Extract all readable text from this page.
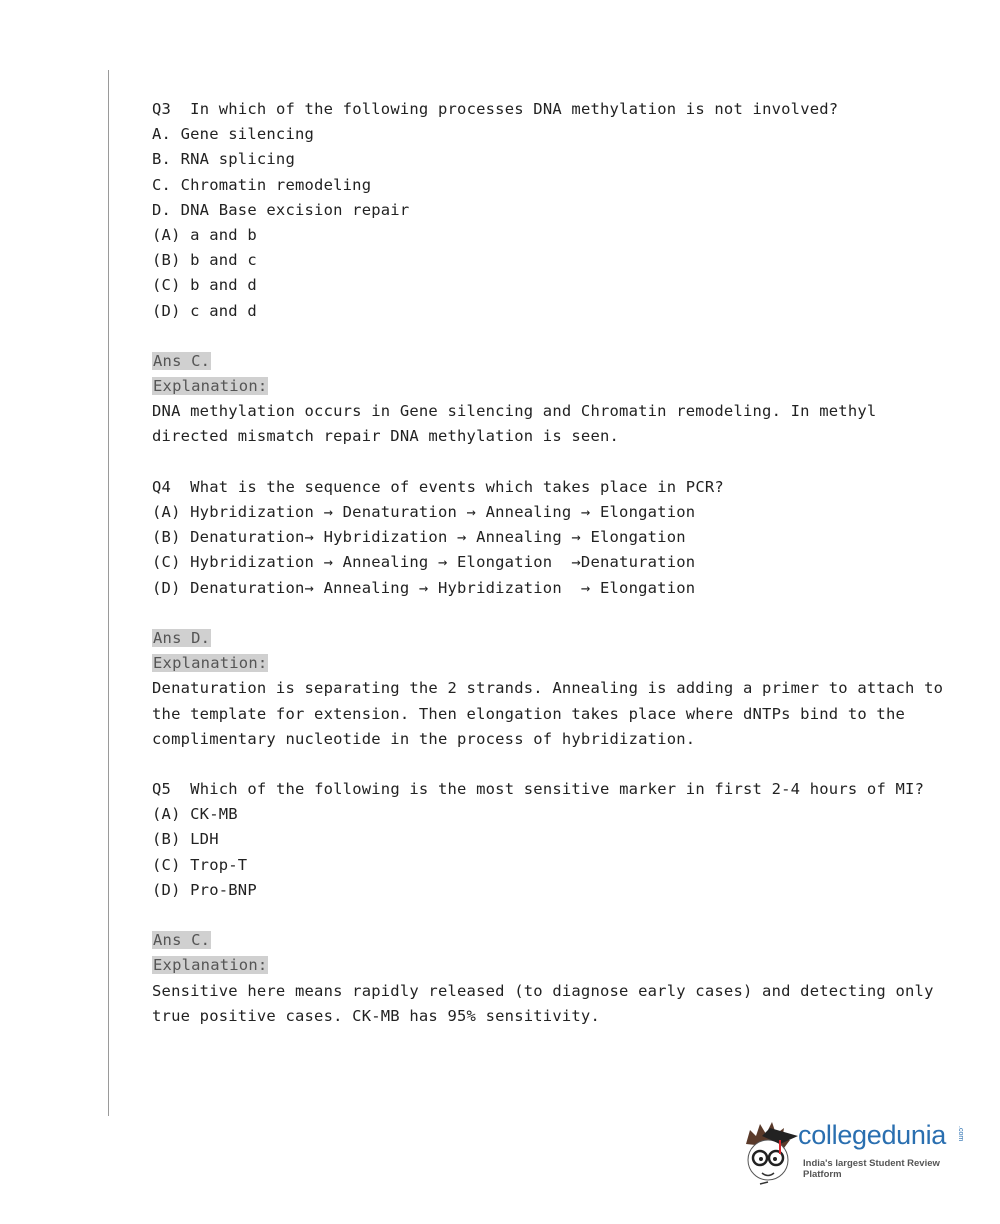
Q3 In which of the following processes DNA methylation is not involved?
A. Gene silencing
B. RNA splicing
C. Chromatin remodeling
D. DNA Base excision repair
(A) a and b
(B) b and c
(C) b and d
(D) c and d
Ans C.
Explanation:
DNA methylation occurs in Gene silencing and Chromatin remodeling. In methyl
directed mismatch repair DNA methylation is seen.
Q4 What is the sequence of events which takes place in PCR?
(A) Hybridization → Denaturation → Annealing → Elongation
(B) Denaturation→ Hybridization → Annealing → Elongation
(C) Hybridization → Annealing → Elongation  →Denaturation
(D) Denaturation→ Annealing → Hybridization  → Elongation
Ans D.
Explanation:
Denaturation is separating the 2 strands. Annealing is adding a primer to attach to
the template for extension. Then elongation takes place where dNTPs bind to the
complimentary nucleotide in the process of hybridization.
Q5 Which of the following is the most sensitive marker in first 2-4 hours of MI?
(A) CK-MB
(B) LDH
(C) Trop-T
(D) Pro-BNP
Ans C.
Explanation:
Sensitive here means rapidly released (to diagnose early cases) and detecting only
true positive cases. CK-MB has 95% sensitivity.
collegedunia .com
India's largest Student Review Platform
